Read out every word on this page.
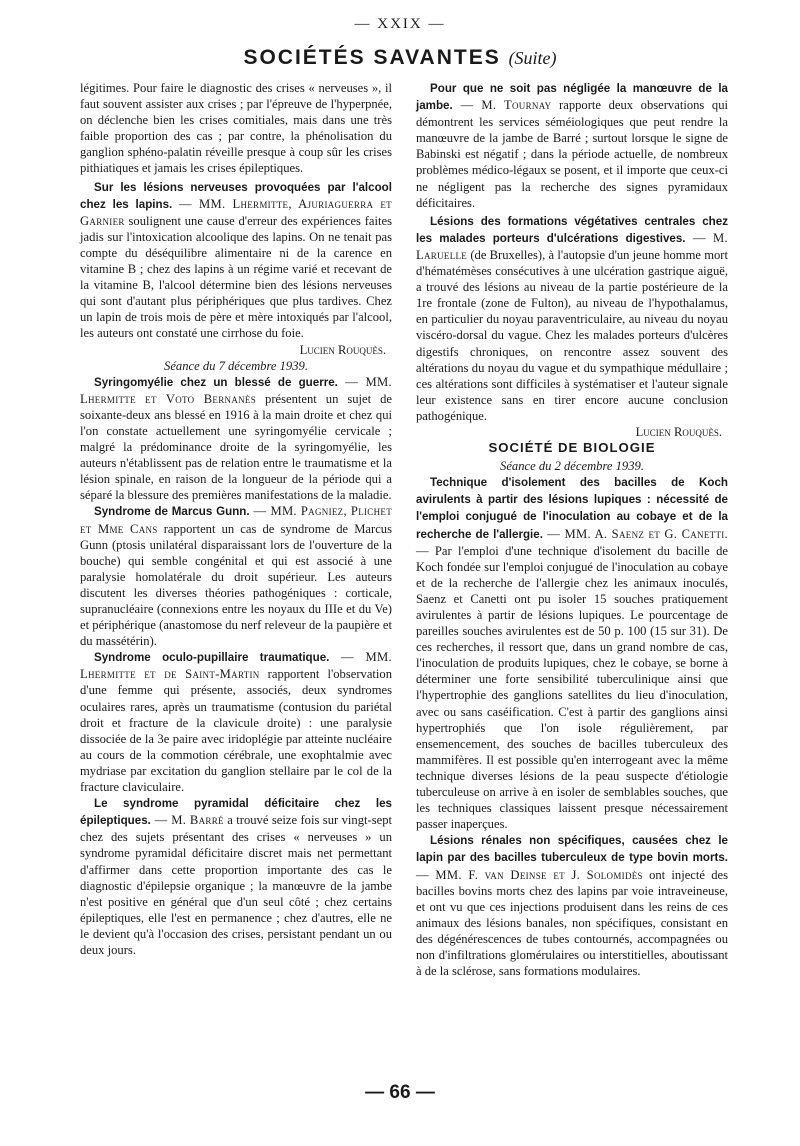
— XXIX —
SOCIÉTÉS SAVANTES (Suite)

légitimes. Pour faire le diagnostic des crises « nerveuses », il faut souvent assister aux crises ; par l'épreuve de l'hyperpnée, on déclenche bien les crises comitiales, mais dans une très faible proportion des cas ; par contre, la phénolisation du ganglion sphéno-palatin réveille presque à coup sûr les crises pithiatiques et jamais les crises épileptiques.

Sur les lésions nerveuses provoquées par l'alcool chez les lapins. — MM. Lhermitte, Ajuriaguerra et Garnier soulignent une cause d'erreur des expériences faites jadis sur l'intoxication alcoolique des lapins. On ne tenait pas compte du déséquilibre alimentaire ni de la carence en vitamine B ; chez des lapins à un régime varié et recevant de la vitamine B, l'alcool détermine bien des lésions nerveuses qui sont d'autant plus périphériques que plus tardives. Chez un lapin de trois mois de père et mère intoxiqués par l'alcool, les auteurs ont constaté une cirrhose du foie.

Lucien Rouquès.

Séance du 7 décembre 1939.

Syringomyélie chez un blessé de guerre. — MM. Lhermitte et Voto Bernanès présentent un sujet de soixante-deux ans blessé en 1916 à la main droite et chez qui l'on constate actuellement une syringomyélie cervicale ; malgré la prédominance droite de la syringomyélie, les auteurs n'établissent pas de relation entre le traumatisme et la lésion spinale, en raison de la longueur de la période qui a séparé la blessure des premières manifestations de la maladie.

Syndrome de Marcus Gunn. — MM. Pagniez, Plichet et Mme Cans rapportent un cas de syndrome de Marcus Gunn (ptosis unilatéral disparaissant lors de l'ouverture de la bouche) qui semble congénital et qui est associé à une paralysie homolatérale du droit supérieur. Les auteurs discutent les diverses théories pathogéniques : corticale, supranucléaire (connexions entre les noyaux du IIIe et du Ve) et périphérique (anastomose du nerf releveur de la paupière et du massétérin).

Syndrome oculo-pupillaire traumatique. — MM. Lhermitte et de Saint-Martin rapportent l'observation d'une femme qui présente, associés, deux syndromes oculaires rares, après un traumatisme (contusion du pariétal droit et fracture de la clavicule droite) : une paralysie dissociée de la 3e paire avec iridoplégie par atteinte nucléaire au cours de la commotion cérébrale, une exophtalmie avec mydriase par excitation du ganglion stellaire par le col de la fracture claviculaire.

Le syndrome pyramidal déficitaire chez les épileptiques. — M. Barré a trouvé seize fois sur vingt-sept chez des sujets présentant des crises « nerveuses » un syndrome pyramidal déficitaire discret mais net permettant d'affirmer dans cette proportion importante des cas le diagnostic d'épilepsie organique ; la manœuvre de la jambe n'est positive en général que d'un seul côté ; chez certains épileptiques, elle l'est en permanence ; chez d'autres, elle ne le devient qu'à l'occasion des crises, persistant pendant un ou deux jours.

Pour que ne soit pas négligée la manœuvre de la jambe. — M. Tournay rapporte deux observations qui démontrent les services séméiologiques que peut rendre la manœuvre de la jambe de Barré ; surtout lorsque le signe de Babinski est négatif ; dans la période actuelle, de nombreux problèmes médico-légaux se posent, et il importe que ceux-ci ne négligent pas la recherche des signes pyramidaux déficitaires.

Lésions des formations végétatives centrales chez les malades porteurs d'ulcérations digestives. — M. Laruelle (de Bruxelles), à l'autopsie d'un jeune homme mort d'hématémèses consécutives à une ulcération gastrique aiguë, a trouvé des lésions au niveau de la partie postérieure de la 1re frontale (zone de Fulton), au niveau de l'hypothalamus, en particulier du noyau paraventriculaire, au niveau du noyau viscéro-dorsal du vague. Chez les malades porteurs d'ulcères digestifs chroniques, on rencontre assez souvent des altérations du noyau du vague et du sympathique médullaire ; ces altérations sont difficiles à systématiser et l'auteur signale leur existence sans en tirer encore aucune conclusion pathogénique.

Lucien Rouquès.

SOCIÉTÉ DE BIOLOGIE

Séance du 2 décembre 1939.

Technique d'isolement des bacilles de Koch avirulents à partir des lésions lupiques : nécessité de l'emploi conjugué de l'inoculation au cobaye et de la recherche de l'allergie. — MM. A. Saenz et G. Canetti. — Par l'emploi d'une technique d'isolement du bacille de Koch fondée sur l'emploi conjugué de l'inoculation au cobaye et de la recherche de l'allergie chez les animaux inoculés, Saenz et Canetti ont pu isoler 15 souches pratiquement avirulentes à partir de lésions lupiques. Le pourcentage de pareilles souches avirulentes est de 50 p. 100 (15 sur 31). De ces recherches, il ressort que, dans un grand nombre de cas, l'inoculation de produits lupiques, chez le cobaye, se borne à déterminer une forte sensibilité tuberculinique ainsi que l'hypertrophie des ganglions satellites du lieu d'inoculation, avec ou sans caséification. C'est à partir des ganglions ainsi hypertrophiés que l'on isole régulièrement, par ensemencement, des souches de bacilles tuberculeux des mammifères. Il est possible qu'en interrogeant avec la même technique diverses lésions de la peau suspecte d'étiologie tuberculeuse on arrive à en isoler de semblables souches, que les techniques classiques laissent presque nécessairement passer inaperçues.

Lésions rénales non spécifiques, causées chez le lapin par des bacilles tuberculeux de type bovin morts. — MM. F. van Deinse et J. Solomidès ont injecté des bacilles bovins morts chez des lapins par voie intraveineuse, et ont vu que ces injections produisent dans les reins de ces animaux des lésions banales, non spécifiques, consistant en des dégénérescences de tubes contournés, accompagnées ou non d'infiltrations glomérulaires ou interstitielles, aboutissant à de la sclérose, sans formations modulaires.

— 66 —
